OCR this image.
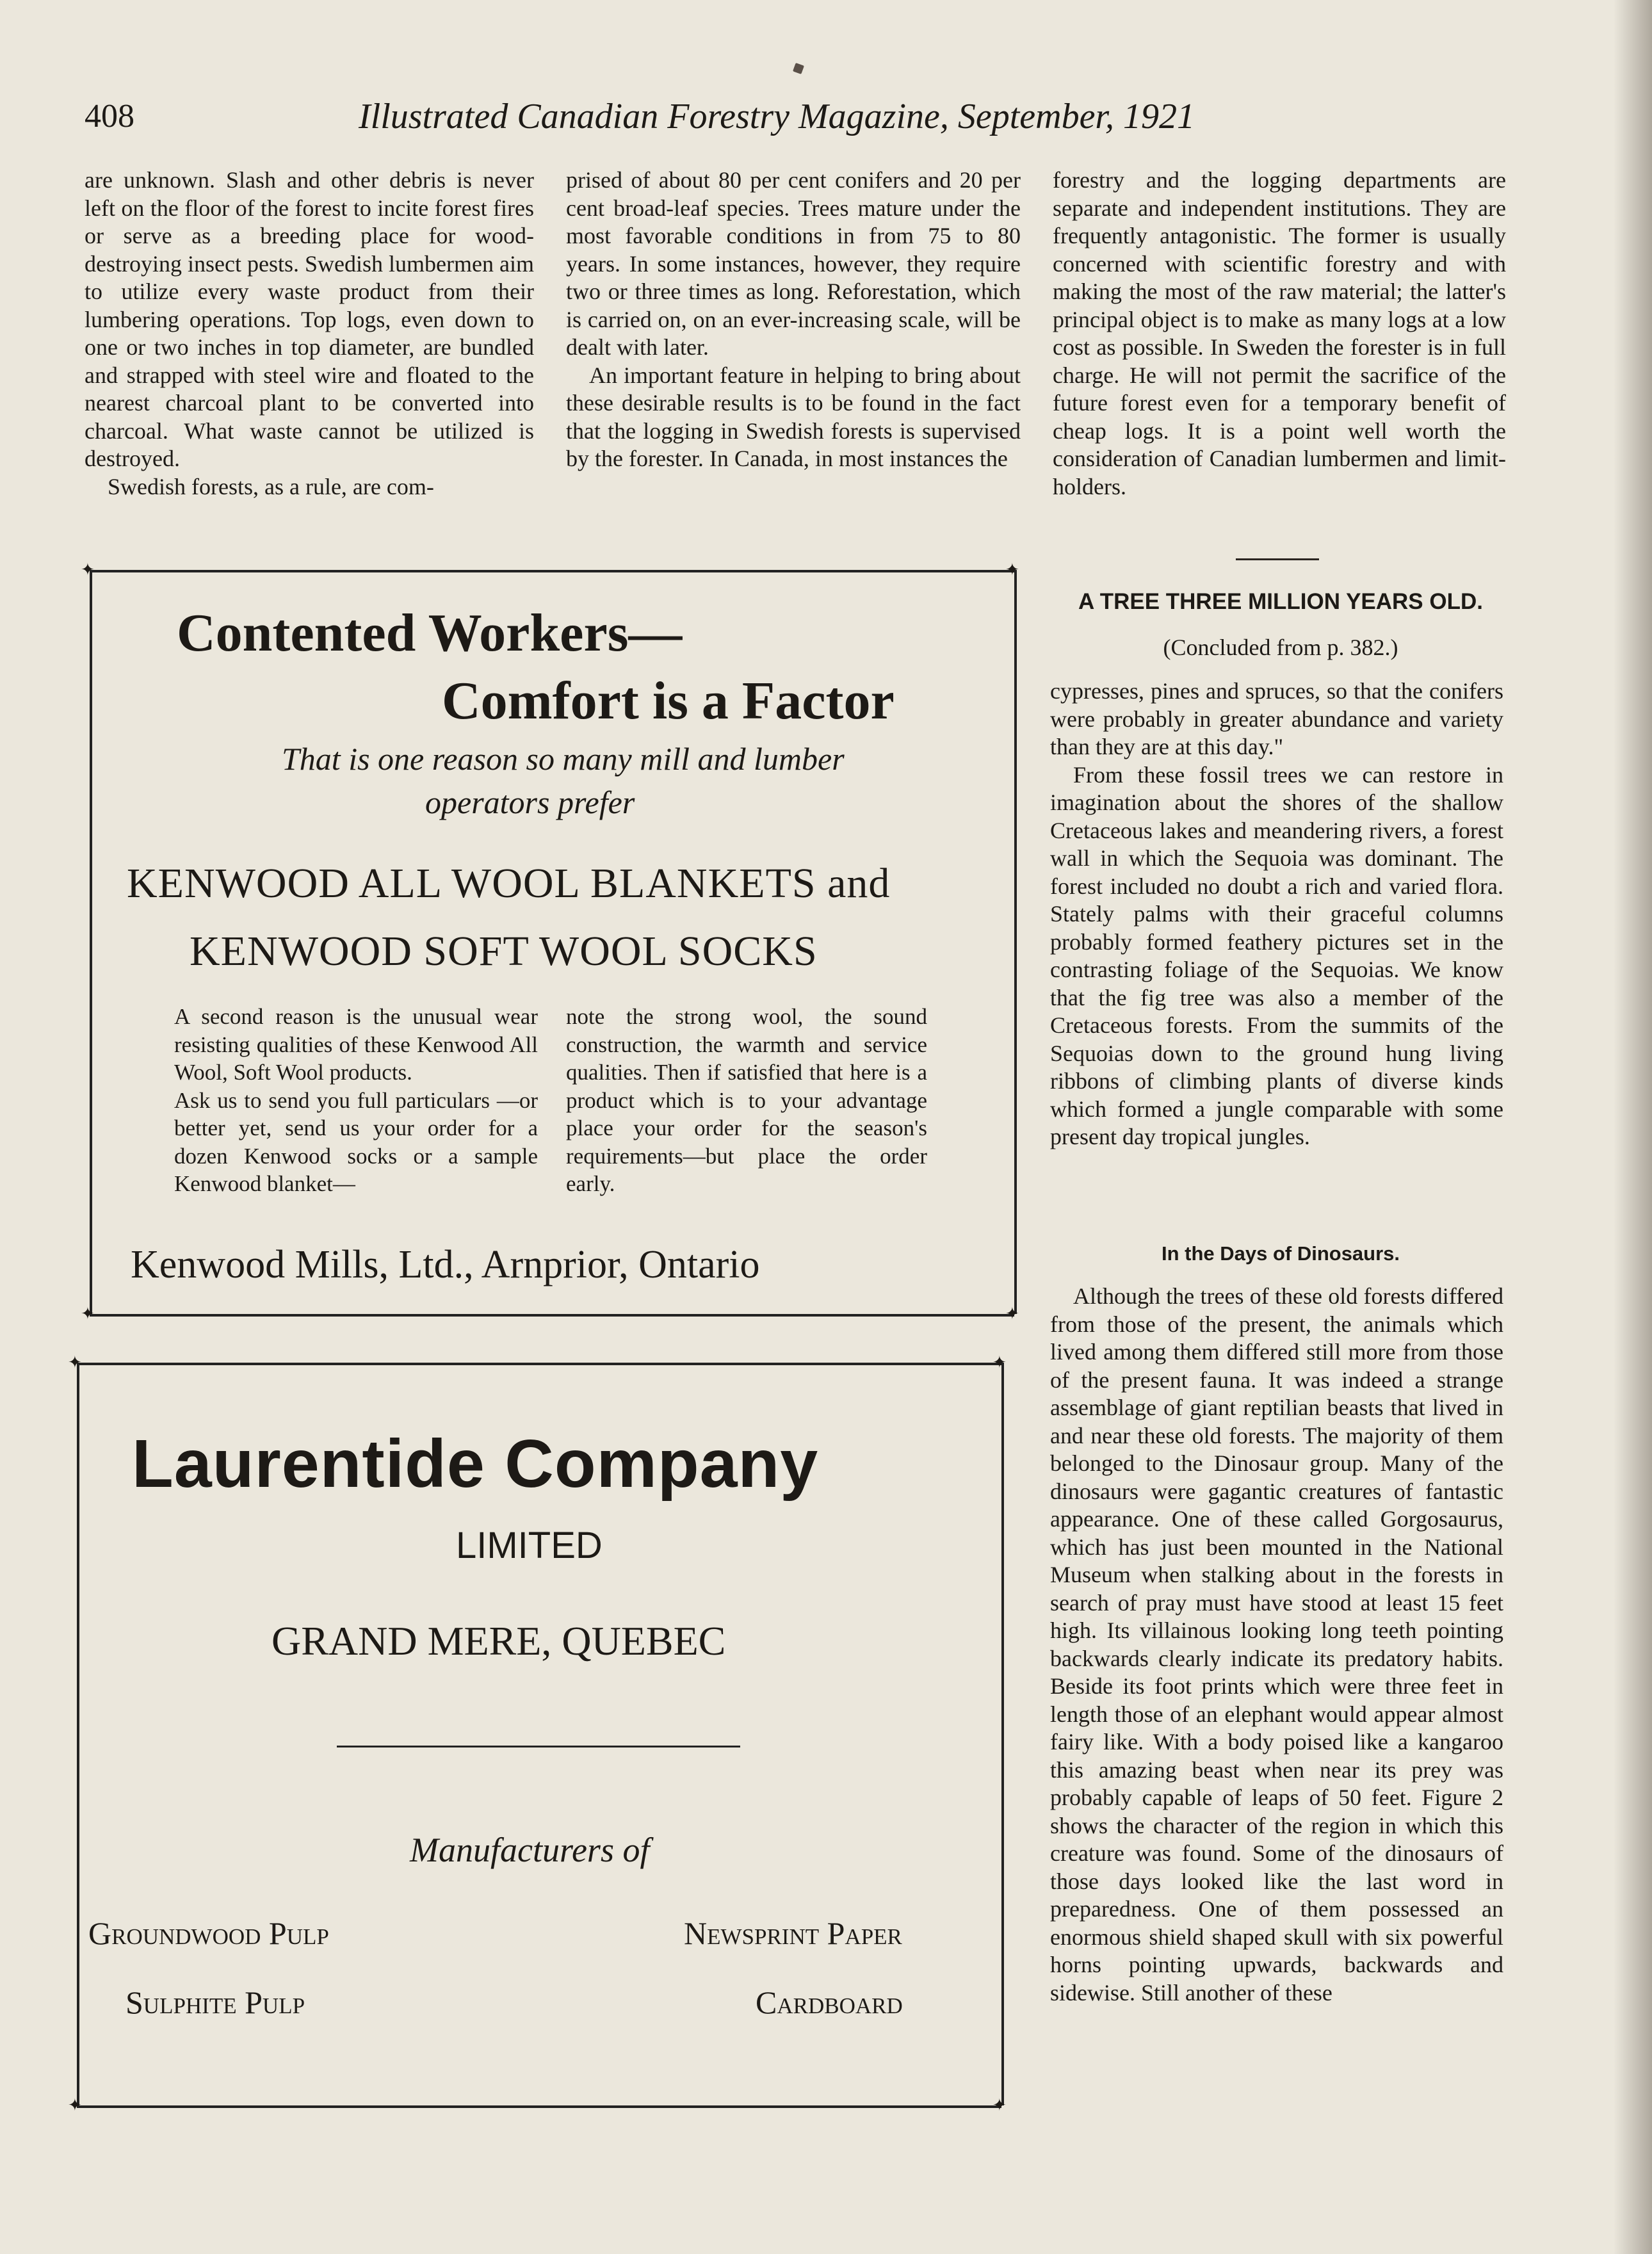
408	Illustrated Canadian Forestry Magazine, September, 1921

are unknown. Slash and other debris is never left on the floor of the forest to incite forest fires or serve as a breeding place for wood-destroying insect pests. Swedish lumbermen aim to utilize every waste product from their lumbering operations. Top logs, even down to one or two inches in top diameter, are bundled and strapped with steel wire and floated to the nearest charcoal plant to be converted into charcoal. What waste cannot be utilized is destroyed.

Swedish forests, as a rule, are com-

prised of about 80 per cent conifers and 20 per cent broad-leaf species. Trees mature under the most favorable conditions in from 75 to 80 years. In some instances, however, they require two or three times as long. Reforestation, which is carried on, on an ever-increasing scale, will be dealt with later.

An important feature in helping to bring about these desirable results is to be found in the fact that the logging in Swedish forests is supervised by the forester. In Canada, in most instances the

forestry and the logging departments are separate and independent institutions. They are frequently antagonistic. The former is usually concerned with scientific forestry and with making the most of the raw material; the latter's principal object is to make as many logs at a low cost as possible. In Sweden the forester is in full charge. He will not permit the sacrifice of the future forest even for a temporary benefit of cheap logs. It is a point well worth the consideration of Canadian lumbermen and limit-holders.

A TREE THREE MILLION YEARS OLD.
(Concluded from p. 382.)

cypresses, pines and spruces, so that the conifers were probably in greater abundance and variety than they are at this day."

From these fossil trees we can restore in imagination about the shores of the shallow Cretaceous lakes and meandering rivers, a forest wall in which the Sequoia was dominant. The forest included no doubt a rich and varied flora. Stately palms with their graceful columns probably formed feathery pictures set in the contrasting foliage of the Sequoias. We know that the fig tree was also a member of the Cretaceous forests. From the summits of the Sequoias down to the ground hung living ribbons of climbing plants of diverse kinds which formed a jungle comparable with some present day tropical jungles.

In the Days of Dinosaurs.

Although the trees of these old forests differed from those of the present, the animals which lived among them differed still more from those of the present fauna. It was indeed a strange assemblage of giant reptilian beasts that lived in and near these old forests. The majority of them belonged to the Dinosaur group. Many of the dinosaurs were gagantic creatures of fantastic appearance. One of these called Gorgosaurus, which has just been mounted in the National Museum when stalking about in the forests in search of pray must have stood at least 15 feet high. Its villainous looking long teeth pointing backwards clearly indicate its predatory habits. Beside its foot prints which were three feet in length those of an elephant would appear almost fairy like. With a body poised like a kangaroo this amazing beast when near its prey was probably capable of leaps of 50 feet. Figure 2 shows the character of the region in which this creature was found. Some of the dinosaurs of those days looked like the last word in preparedness. One of them possessed an enormous shield shaped skull with six powerful horns pointing upwards, backwards and sidewise. Still another of these

✦	✦
✦	✦
Contented Workers—
Comfort is a Factor
That is one reason so many mill and lumber
operators prefer
KENWOOD ALL WOOL BLANKETS and
KENWOOD SOFT WOOL SOCKS
A second reason is the unusual wear resisting qualities of these Kenwood All Wool, Soft Wool products.
Ask us to send you full particulars —or better yet, send us your order for a dozen Kenwood socks or a sample Kenwood blanket—
note the strong wool, the sound construction, the warmth and service qualities. Then if satisfied that here is a product which is to your advantage place your order for the season's requirements—but place the order early.
Kenwood Mills, Ltd., Arnprior, Ontario
✦	✦
✦	✦
Laurentide Company
LIMITED
GRAND MERE, QUEBEC
Manufacturers of
Groundwood Pulp	Newsprint Paper
Sulphite Pulp	Cardboard
